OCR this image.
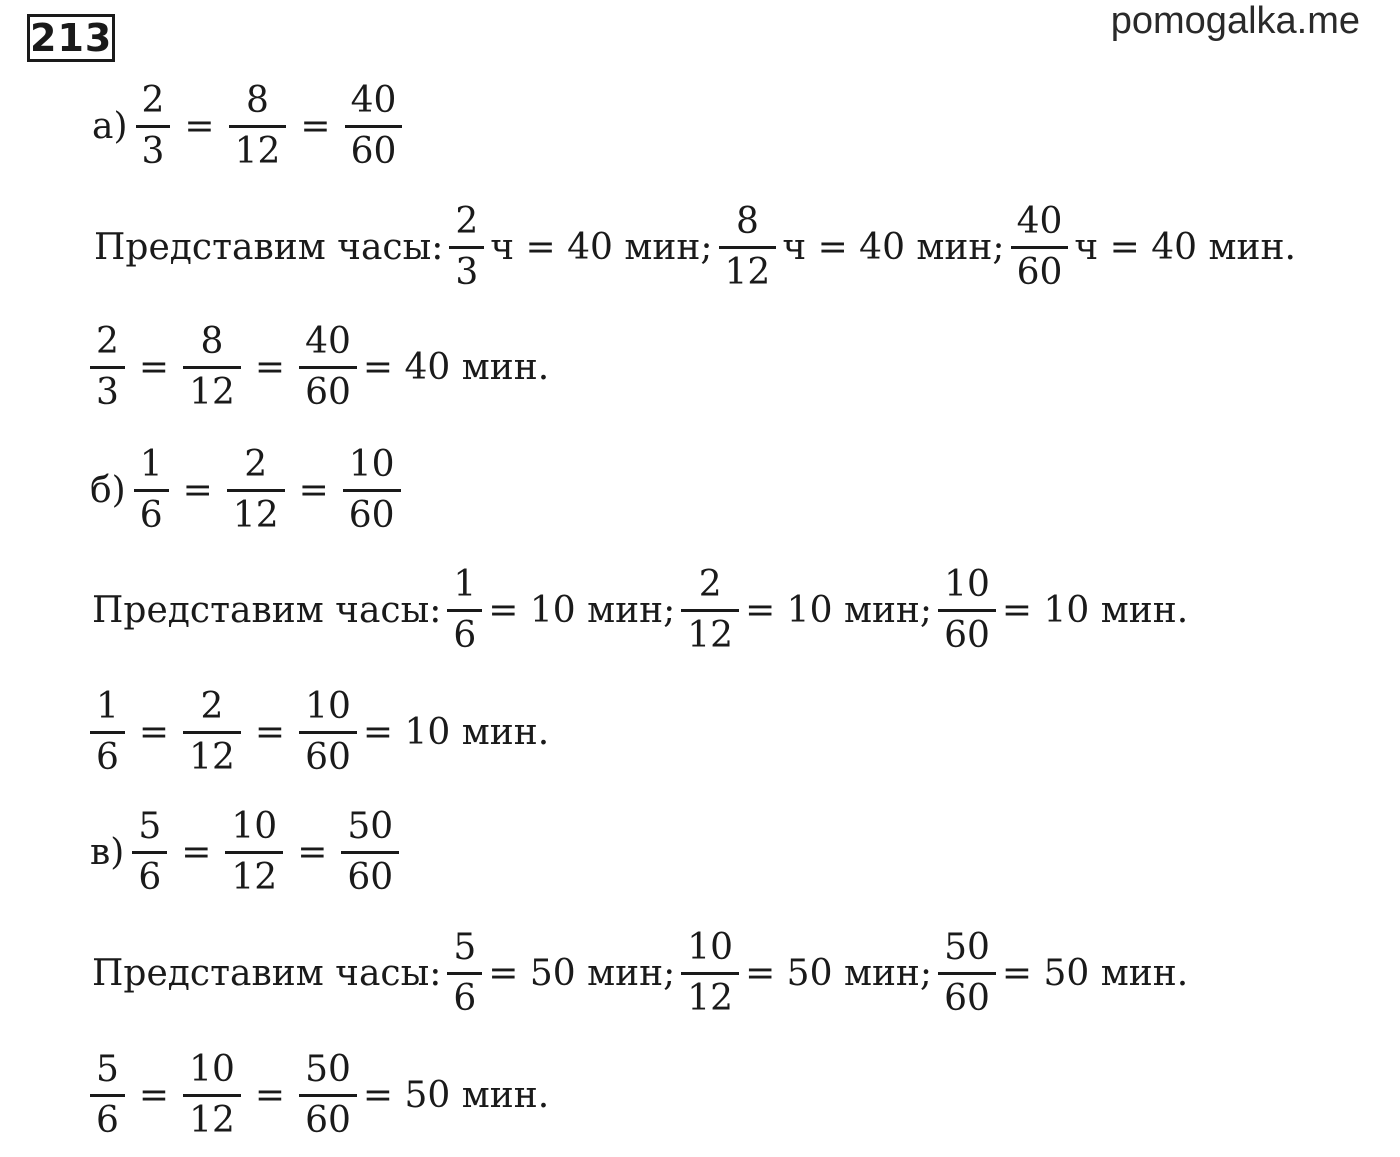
213	pomogalka.me
$а) \frac{2}{3} = \frac{8}{12} = \frac{40}{60}$
Представим часы: $\frac{2}{3}$ ч = 40 мин; $\frac{8}{12}$ ч = 40 мин; $\frac{40}{60}$ ч = 40 мин.
$\frac{2}{3} = \frac{8}{12} = \frac{40}{60} = 40$ мин.
$б) \frac{1}{6} = \frac{2}{12} = \frac{10}{60}$
Представим часы: $\frac{1}{6} = 10$ мин; $\frac{2}{12} = 10$ мин; $\frac{10}{60} = 10$ мин.
$\frac{1}{6} = \frac{2}{12} = \frac{10}{60} = 10$ мин.
$в) \frac{5}{6} = \frac{10}{12} = \frac{50}{60}$
Представим часы: $\frac{5}{6} = 50$ мин; $\frac{10}{12} = 50$ мин; $\frac{50}{60} = 50$ мин.
$\frac{5}{6} = \frac{10}{12} = \frac{50}{60} = 50$ мин.
